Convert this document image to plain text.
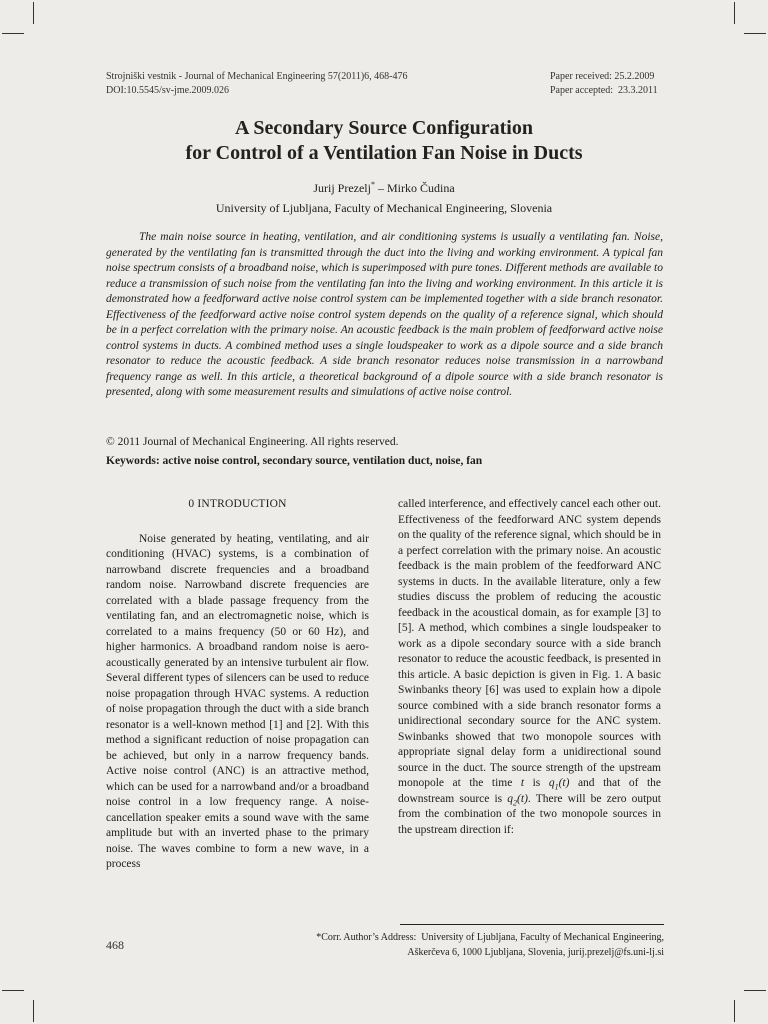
Strojniški vestnik - Journal of Mechanical Engineering 57(2011)6, 468-476
DOI:10.5545/sv-jme.2009.026
Paper received: 25.2.2009
Paper accepted:  23.3.2011
A Secondary Source Configuration
for Control of a Ventilation Fan Noise in Ducts
Jurij Prezelj* – Mirko Čudina
University of Ljubljana, Faculty of Mechanical Engineering, Slovenia
The main noise source in heating, ventilation, and air conditioning systems is usually a ventilating fan. Noise, generated by the ventilating fan is transmitted through the duct into the living and working environment. A typical fan noise spectrum consists of a broadband noise, which is superimposed with pure tones. Different methods are available to reduce a transmission of such noise from the ventilating fan into the living and working environment. In this article it is demonstrated how a feedforward active noise control system can be implemented together with a side branch resonator. Effectiveness of the feedforward active noise control system depends on the quality of a reference signal, which should be in a perfect correlation with the primary noise. An acoustic feedback is the main problem of feedforward active noise control systems in ducts. A combined method uses a single loudspeaker to work as a dipole source and a side branch resonator to reduce the acoustic feedback. A side branch resonator reduces noise transmission in a narrowband frequency range as well. In this article, a theoretical background of a dipole source with a side branch resonator is presented, along with some measurement results and simulations of active noise control.
© 2011 Journal of Mechanical Engineering. All rights reserved.
Keywords: active noise control, secondary source, ventilation duct, noise, fan
0 INTRODUCTION

Noise generated by heating, ventilating, and air conditioning (HVAC) systems, is a combination of narrowband discrete frequencies and a broadband random noise. Narrowband discrete frequencies are correlated with a blade passage frequency from the ventilating fan, and an electromagnetic noise, which is correlated to a mains frequency (50 or 60 Hz), and higher harmonics. A broadband random noise is aero-acoustically generated by an intensive turbulent air flow. Several different types of silencers can be used to reduce noise propagation through HVAC systems. A reduction of noise propagation through the duct with a side branch resonator is a well-known method [1] and [2]. With this method a significant reduction of noise propagation can be achieved, but only in a narrow frequency bands. Active noise control (ANC) is an attractive method, which can be used for a narrowband and/or a broadband noise control in a low frequency range. A noise-cancellation speaker emits a sound wave with the same amplitude but with an inverted phase to the primary noise. The waves combine to form a new wave, in a process

called interference, and effectively cancel each other out. Effectiveness of the feedforward ANC system depends on the quality of the reference signal, which should be in a perfect correlation with the primary noise. An acoustic feedback is the main problem of the feedforward ANC systems in ducts. In the available literature, only a few studies discuss the problem of reducing the acoustic feedback in the acoustical domain, as for example [3] to [5]. A method, which combines a single loudspeaker to work as a dipole secondary source with a side branch resonator to reduce the acoustic feedback, is presented in this article. A basic depiction is given in Fig. 1. A basic Swinbanks theory [6] was used to explain how a dipole source combined with a side branch resonator forms a unidirectional secondary source for the ANC system. Swinbanks showed that two monopole sources with appropriate signal delay form a unidirectional sound source in the duct. The source strength of the upstream monopole at the time t is $q_1(t)$ and that of the downstream source is $q_2(t)$. There will be zero output from the combination of the two monopole sources in the upstream direction if:

*Corr. Author’s Address:  University of Ljubljana, Faculty of Mechanical Engineering,
Aškerčeva 6, 1000 Ljubljana, Slovenia, jurij.prezelj@fs.uni-lj.si
468
